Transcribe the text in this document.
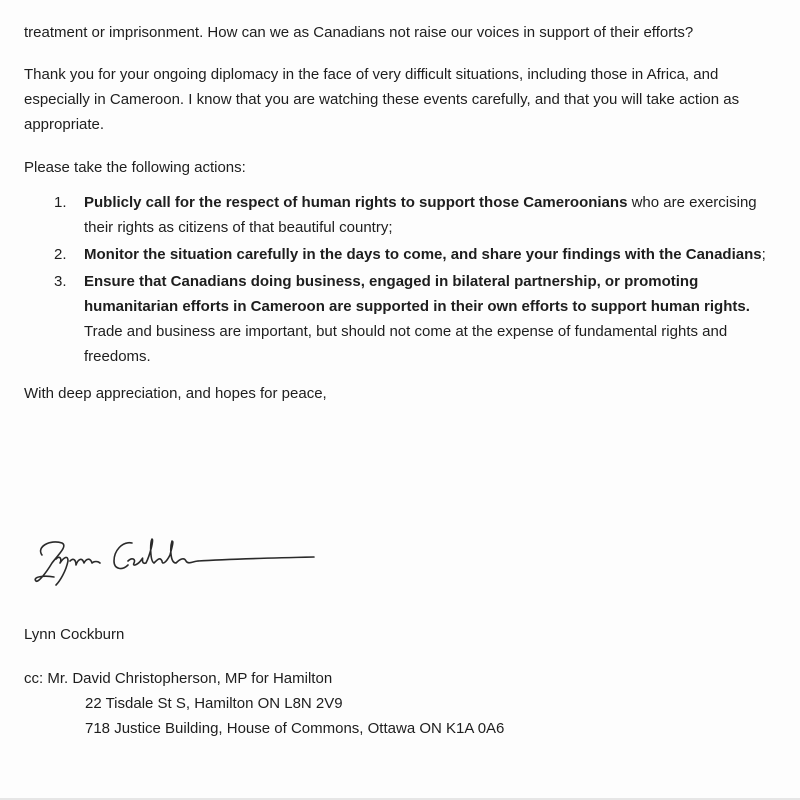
treatment or imprisonment. How can we as Canadians not raise our voices in support of their efforts?

Thank you for your ongoing diplomacy in the face of very difficult situations, including those in Africa, and especially in Cameroon. I know that you are watching these events carefully, and that you will take action as appropriate.

Please take the following actions:

1. Publicly call for the respect of human rights to support those Cameroonians who are exercising their rights as citizens of that beautiful country;
2. Monitor the situation carefully in the days to come, and share your findings with the Canadians;
3. Ensure that Canadians doing business, engaged in bilateral partnership, or promoting humanitarian efforts in Cameroon are supported in their own efforts to support human rights. Trade and business are important, but should not come at the expense of fundamental rights and freedoms.

With deep appreciation, and hopes for peace,

Lynn Cockburn
cc: Mr. David Christopherson, MP for Hamilton
22 Tisdale St S, Hamilton ON L8N 2V9
718 Justice Building, House of Commons, Ottawa ON K1A 0A6
